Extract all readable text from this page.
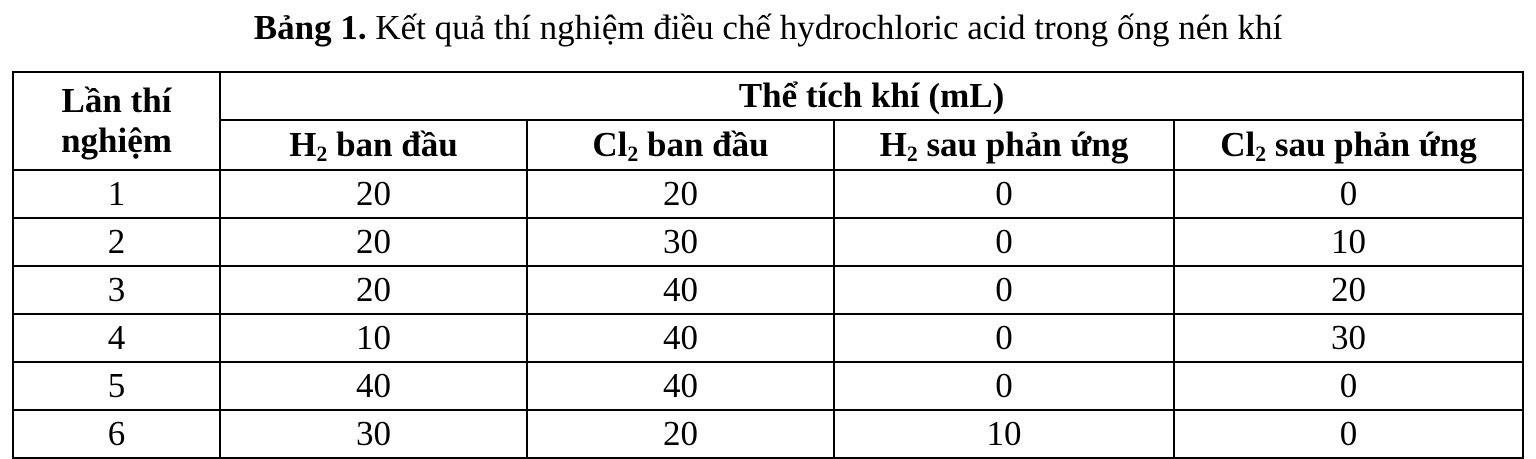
Bảng 1. Kết quả thí nghiệm điều chế hydrochloric acid trong ống nén khí
Lần thí
nghiệm	Thể tích khí (mL)			
	$H_2$ ban đầu	$Cl_2$ ban đầu	$H_2$ sau phản ứng	$Cl_2$ sau phản ứng
1	20	20	0	0
2	20	30	0	10
3	20	40	0	20
4	10	40	0	30
5	40	40	0	0
6	30	20	10	0
